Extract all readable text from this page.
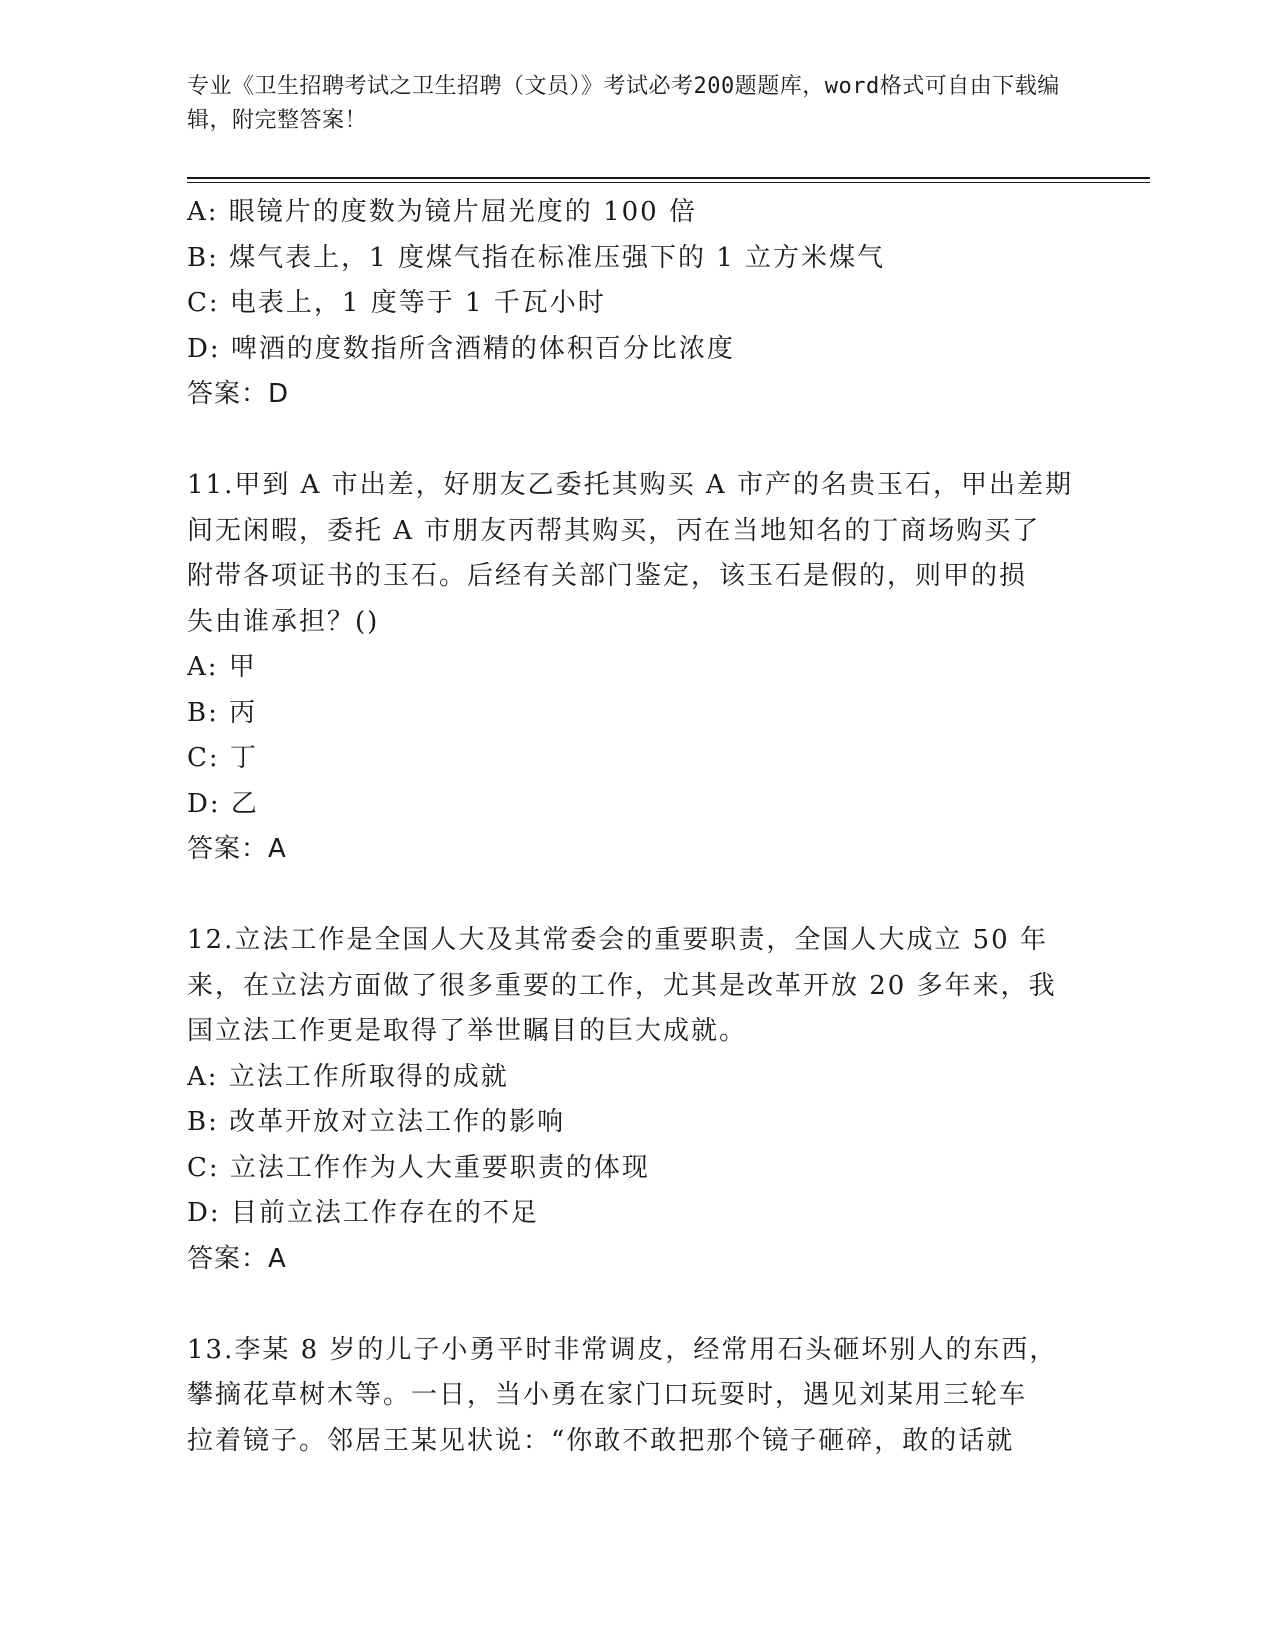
专业《卫生招聘考试之卫生招聘（文员）》考试必考200题题库，word格式可自由下载编辑，附完整答案！
A: 眼镜片的度数为镜片屈光度的 100 倍
B: 煤气表上，1 度煤气指在标准压强下的 1 立方米煤气
C: 电表上，1 度等于 1 千瓦小时
D: 啤酒的度数指所含酒精的体积百分比浓度
答案：D
11.甲到 A 市出差，好朋友乙委托其购买 A 市产的名贵玉石，甲出差期
间无闲暇，委托 A 市朋友丙帮其购买，丙在当地知名的丁商场购买了
附带各项证书的玉石。后经有关部门鉴定，该玉石是假的，则甲的损
失由谁承担？()
A: 甲
B: 丙
C: 丁
D: 乙
答案：A
12.立法工作是全国人大及其常委会的重要职责，全国人大成立 50 年
来，在立法方面做了很多重要的工作，尤其是改革开放 20 多年来，我
国立法工作更是取得了举世瞩目的巨大成就。
A: 立法工作所取得的成就
B: 改革开放对立法工作的影响
C: 立法工作作为人大重要职责的体现
D: 目前立法工作存在的不足
答案：A
13.李某 8 岁的儿子小勇平时非常调皮，经常用石头砸坏别人的东西，
攀摘花草树木等。一日，当小勇在家门口玩耍时，遇见刘某用三轮车
拉着镜子。邻居王某见状说：“你敢不敢把那个镜子砸碎，敢的话就
